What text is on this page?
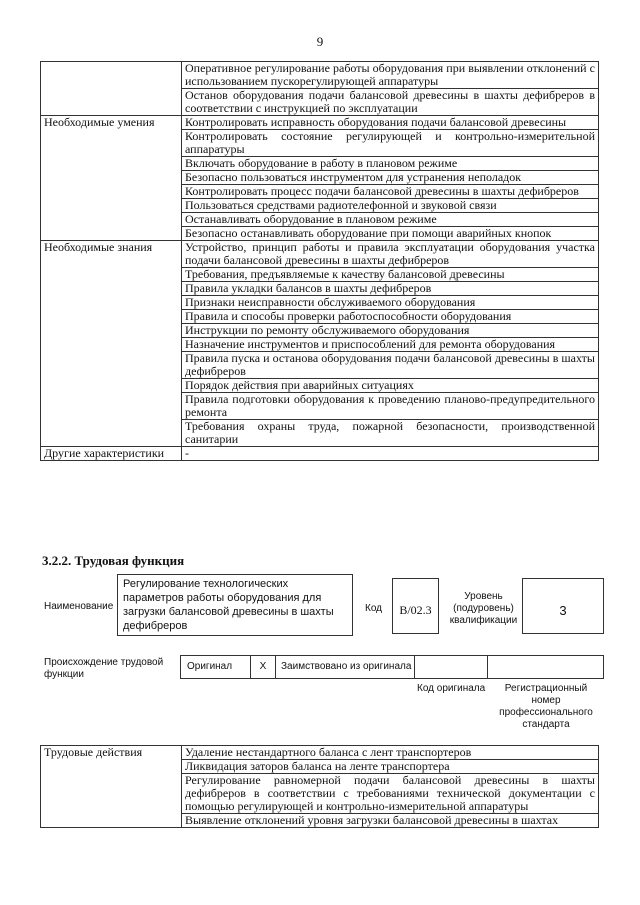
9
	Оперативное регулирование работы оборудования при выявлении отклонений с использованием пускорегулирующей аппаратуры
	Останов оборудования подачи балансовой древесины в шахты дефибреров в соответствии с инструкцией по эксплуатации
Необходимые умения	Контролировать исправность оборудования подачи балансовой древесины
	Контролировать состояние регулирующей и контрольно-измерительной аппаратуры
	Включать оборудование в работу в плановом режиме
	Безопасно пользоваться инструментом для устранения неполадок
	Контролировать процесс подачи балансовой древесины в шахты дефибреров
	Пользоваться средствами радиотелефонной и звуковой связи
	Останавливать оборудование в плановом режиме
	Безопасно останавливать оборудование при помощи аварийных кнопок
Необходимые знания	Устройство, принцип работы и правила эксплуатации оборудования участка подачи балансовой древесины в шахты дефибреров
	Требования, предъявляемые к качеству балансовой древесины
	Правила укладки балансов в шахты дефибреров
	Признаки неисправности обслуживаемого оборудования
	Правила и способы проверки работоспособности оборудования
	Инструкции по ремонту обслуживаемого оборудования
	Назначение инструментов и приспособлений для ремонта оборудования
	Правила пуска и останова оборудования подачи балансовой древесины в шахты дефибреров
	Порядок действия при аварийных ситуациях
	Правила подготовки оборудования к проведению планово-предупредительного ремонта
	Требования охраны труда, пожарной безопасности, производственной санитарии
Другие характеристики	-
3.2.2. Трудовая функция
Наименование
Регулирование технологических параметров работы оборудования для загрузки балансовой древесины в шахты дефибреров
Код	B/02.3
Уровень (подуровень) квалификации
3
Происхождение трудовой функции
Оригинал	X	Заимствовано из оригинала
Код оригинала	Регистрационный номер профессионального стандарта
Трудовые действия	Удаление нестандартного баланса с лент транспортеров
Ликвидация заторов баланса на ленте транспортера
Регулирование равномерной подачи балансовой древесины в шахты дефибреров в соответствии с требованиями технической документации с помощью регулирующей и контрольно-измерительной аппаратуры
Выявление отклонений уровня загрузки балансовой древесины в шахтах
